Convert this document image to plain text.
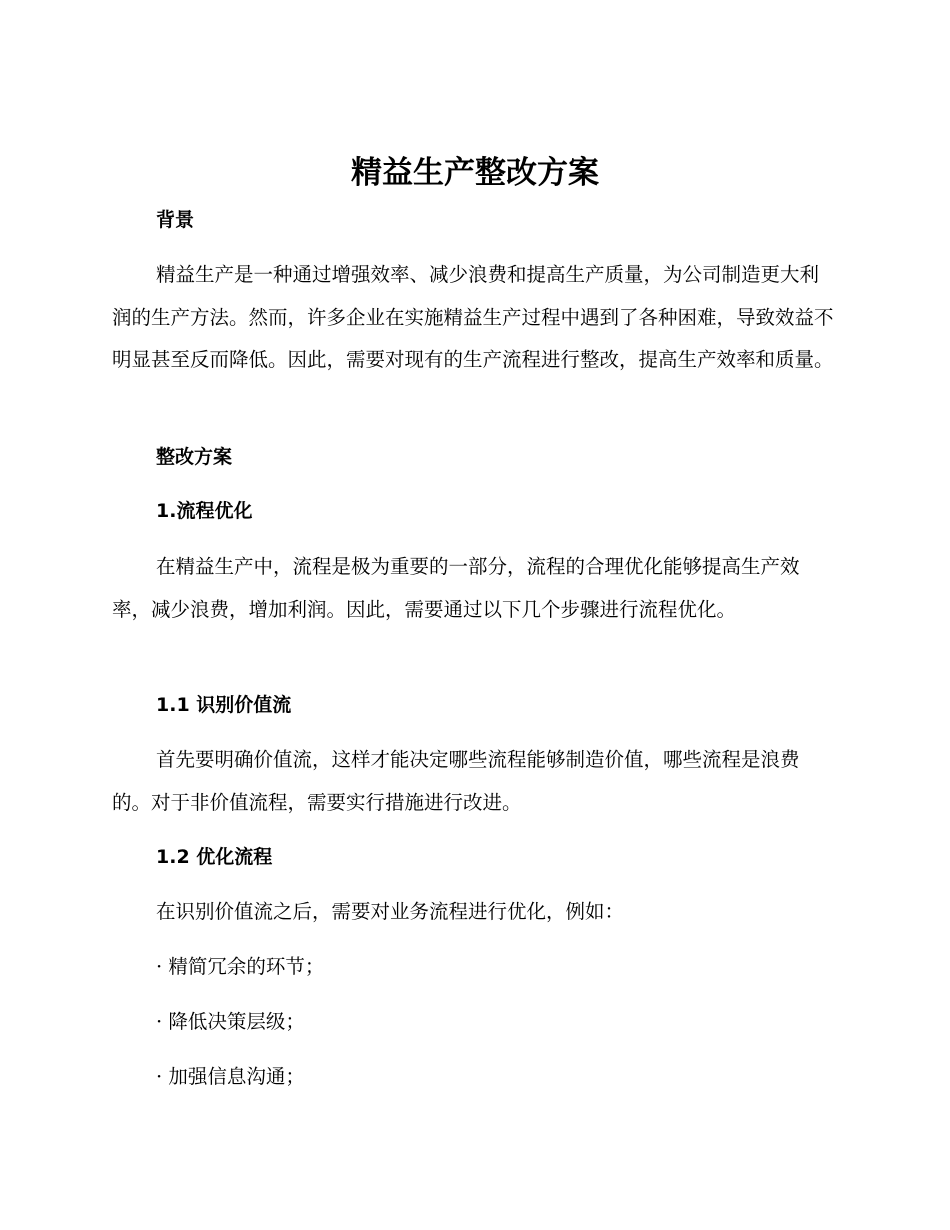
精益生产整改方案
背景

精益生产是一种通过增强效率、减少浪费和提高生产质量，为公司制造更大利润的生产方法。然而，许多企业在实施精益生产过程中遇到了各种困难，导致效益不明显甚至反而降低。因此，需要对现有的生产流程进行整改，提高生产效率和质量。

整改方案
1.流程优化

在精益生产中，流程是极为重要的一部分，流程的合理优化能够提高生产效率，减少浪费，增加利润。因此，需要通过以下几个步骤进行流程优化。

1.1 识别价值流

首先要明确价值流，这样才能决定哪些流程能够制造价值，哪些流程是浪费的。对于非价值流程，需要实行措施进行改进。

1.2 优化流程

在识别价值流之后，需要对业务流程进行优化，例如：

· 精简冗余的环节；

· 降低决策层级；

· 加强信息沟通；
